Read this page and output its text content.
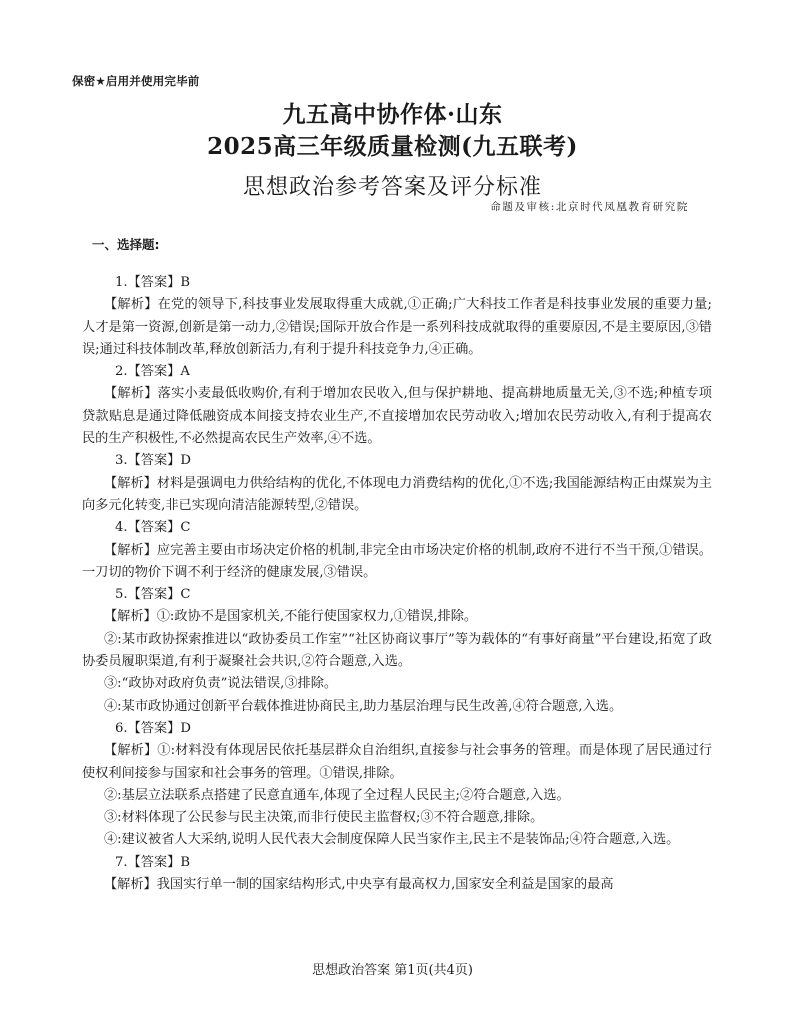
保密★启用并使用完毕前
九五高中协作体·山东
2025高三年级质量检测(九五联考)
思想政治参考答案及评分标准
命题及审核:北京时代凤凰教育研究院
一、选择题:

1.【答案】B

【解析】在党的领导下,科技事业发展取得重大成就,①正确;广大科技工作者是科技事业发展的重要力量;人才是第一资源,创新是第一动力,②错误;国际开放合作是一系列科技成就取得的重要原因,不是主要原因,③错误;通过科技体制改革,释放创新活力,有利于提升科技竞争力,④正确。

2.【答案】A

【解析】落实小麦最低收购价,有利于增加农民收入,但与保护耕地、提高耕地质量无关,③不选;种植专项贷款贴息是通过降低融资成本间接支持农业生产,不直接增加农民劳动收入;增加农民劳动收入,有利于提高农民的生产积极性,不必然提高农民生产效率,④不选。

3.【答案】D

【解析】材料是强调电力供给结构的优化,不体现电力消费结构的优化,①不选;我国能源结构正由煤炭为主向多元化转变,非已实现向清洁能源转型,②错误。

4.【答案】C

【解析】应完善主要由市场决定价格的机制,非完全由市场决定价格的机制,政府不进行不当干预,①错误。一刀切的物价下调不利于经济的健康发展,③错误。

5.【答案】C

【解析】①:政协不是国家机关,不能行使国家权力,①错误,排除。

②:某市政协探索推进以“政协委员工作室”“社区协商议事厅”等为载体的“有事好商量”平台建设,拓宽了政协委员履职渠道,有利于凝聚社会共识,②符合题意,入选。

③:“政协对政府负责”说法错误,③排除。

④:某市政协通过创新平台载体推进协商民主,助力基层治理与民生改善,④符合题意,入选。

6.【答案】D

【解析】①:材料没有体现居民依托基层群众自治组织,直接参与社会事务的管理。而是体现了居民通过行使权利间接参与国家和社会事务的管理。①错误,排除。

②:基层立法联系点搭建了民意直通车,体现了全过程人民民主;②符合题意,入选。

③:材料体现了公民参与民主决策,而非行使民主监督权;③不符合题意,排除。

④:建议被省人大采纳,说明人民代表大会制度保障人民当家作主,民主不是装饰品;④符合题意,入选。

7.【答案】B

【解析】我国实行单一制的国家结构形式,中央享有最高权力,国家安全利益是国家的最高

思想政治答案 第1页(共4页)
